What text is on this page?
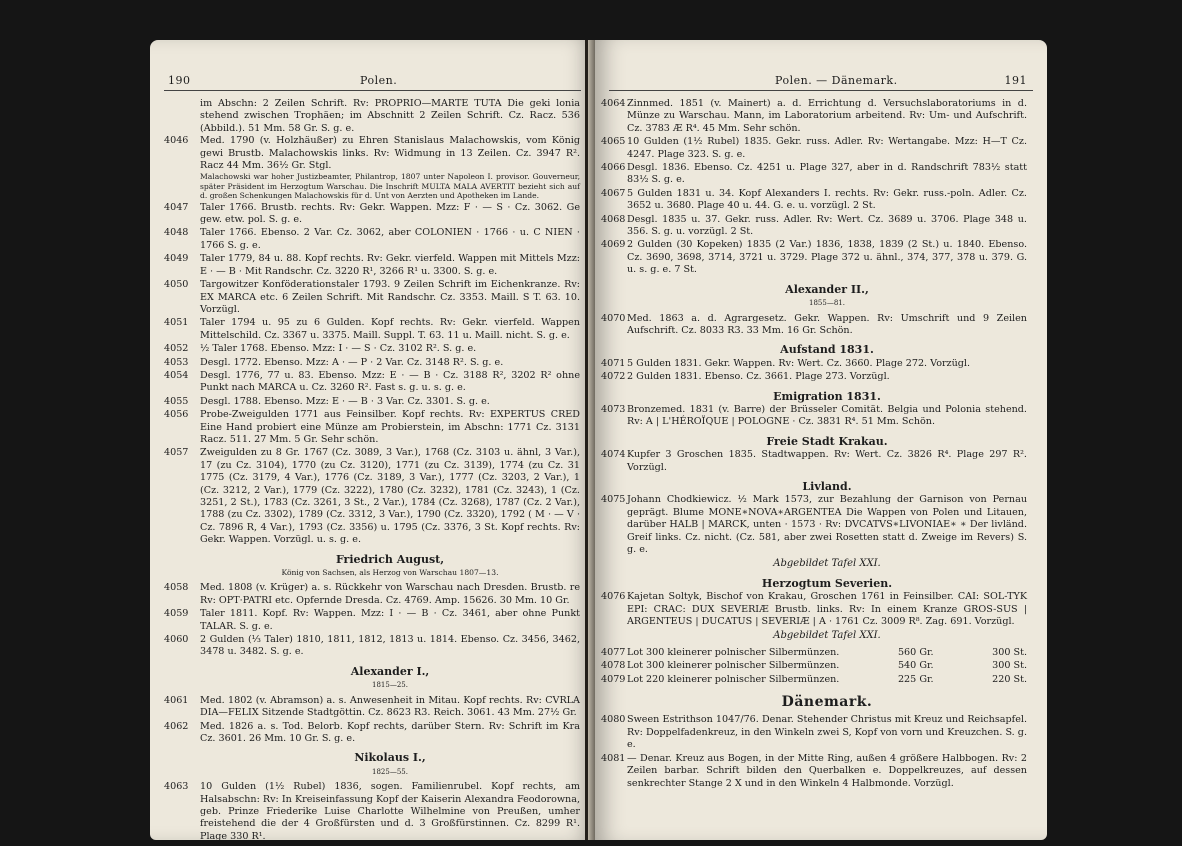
190	Polen.
im Abschn: 2 Zeilen Schrift. Rv: PROPRIO—MARTE TUTA Die geki lonia stehend zwischen Trophäen; im Abschnitt 2 Zeilen Schrift. Cz. Racz. 536 (Abbild.). 51 Mm. 58 Gr. S. g. e.
4046 Med. 1790 (v. Holzhäußer) zu Ehren Stanislaus Malachowskis, vom König gewi Brustb. Malachowskis links. Rv: Widmung in 13 Zeilen. Cz. 3947 R². Racz 44 Mm. 36½ Gr. Stgl.
Malachowski war hoher Justizbeamter, Philantrop, 1807 unter Napoleon I. provisor. Gouverneur, später Präsident im Herzogtum Warschau. Die Inschrift MULTA MALA AVERTIT bezieht sich auf d. großen Schenkungen Malachowskis für d. Unt von Aerzten und Apotheken im Lande.
4047 Taler 1766. Brustb. rechts. Rv: Gekr. Wappen. Mzz: F · — S · Cz. 3062. Ge gew. etw. pol. S. g. e.
4048 Taler 1766. Ebenso. 2 Var. Cz. 3062, aber COLONIEN · 1766 · u. C NIEN · 1766 S. g. e.
4049 Taler 1779, 84 u. 88. Kopf rechts. Rv: Gekr. vierfeld. Wappen mit Mittels Mzz: E · — B · Mit Randschr. Cz. 3220 R¹, 3266 R¹ u. 3300. S. g. e.
4050 Targowitzer Konföderationstaler 1793. 9 Zeilen Schrift im Eichenkranze. Rv: EX MARCA etc. 6 Zeilen Schrift. Mit Randschr. Cz. 3353. Maill. S T. 63. 10. Vorzügl.
4051 Taler 1794 u. 95 zu 6 Gulden. Kopf rechts. Rv: Gekr. vierfeld. Wappen Mittelschild. Cz. 3367 u. 3375. Maill. Suppl. T. 63. 11 u. Maill. nicht. S. g. e.
4052 ½ Taler 1768. Ebenso. Mzz: I · — S · Cz. 3102 R². S. g. e.
4053 Desgl. 1772. Ebenso. Mzz: A · — P · 2 Var. Cz. 3148 R². S. g. e.
4054 Desgl. 1776, 77 u. 83. Ebenso. Mzz: E · — B · Cz. 3188 R², 3202 R² ohne Punkt nach MARCA u. Cz. 3260 R². Fast s. g. u. s. g. e.
4055 Desgl. 1788. Ebenso. Mzz: E · — B · 3 Var. Cz. 3301. S. g. e.
4056 Probe-Zweigulden 1771 aus Feinsilber. Kopf rechts. Rv: EXPERTUS CRED Eine Hand probiert eine Münze am Probierstein, im Abschn: 1771 Cz. 3131 Racz. 511. 27 Mm. 5 Gr. Sehr schön.
4057 Zweigulden zu 8 Gr. 1767 (Cz. 3089, 3 Var.), 1768 (Cz. 3103 u. ähnl, 3 Var.), 17 (zu Cz. 3104), 1770 (zu Cz. 3120), 1771 (zu Cz. 3139), 1774 (zu Cz. 31 1775 (Cz. 3179, 4 Var.), 1776 (Cz. 3189, 3 Var.), 1777 (Cz. 3203, 2 Var.), 1 (Cz. 3212, 2 Var.), 1779 (Cz. 3222), 1780 (Cz. 3232), 1781 (Cz. 3243), 1 (Cz. 3251, 2 St.), 1783 (Cz. 3261, 3 St., 2 Var.), 1784 (Cz. 3268), 1787 (Cz. 2 Var.), 1788 (zu Cz. 3302), 1789 (Cz. 3312, 3 Var.), 1790 (Cz. 3320), 1792 ( M · — V · Cz. 7896 R, 4 Var.), 1793 (Cz. 3356) u. 1795 (Cz. 3376, 3 St. Kopf rechts. Rv: Gekr. Wappen. Vorzügl. u. s. g. e.
Friedrich August,
König von Sachsen, als Herzog von Warschau 1807—13.
4058 Med. 1808 (v. Krüger) a. s. Rückkehr von Warschau nach Dresden. Brustb. re Rv: OPT·PATRI etc. Opfernde Dresda. Cz. 4769. Amp. 15626. 30 Mm. 10 Gr.
4059 Taler 1811. Kopf. Rv: Wappen. Mzz: I · — B · Cz. 3461, aber ohne Punkt TALAR. S. g. e.
4060 2 Gulden (⅓ Taler) 1810, 1811, 1812, 1813 u. 1814. Ebenso. Cz. 3456, 3462, 3478 u. 3482. S. g. e.
Alexander I.,
1815—25.
4061 Med. 1802 (v. Abramson) a. s. Anwesenheit in Mitau. Kopf rechts. Rv: CVRLA DIA—FELIX Sitzende Stadtgöttin. Cz. 8623 R3. Reich. 3061. 43 Mm. 27½ Gr.
4062 Med. 1826 a. s. Tod. Belorb. Kopf rechts, darüber Stern. Rv: Schrift im Kra Cz. 3601. 26 Mm. 10 Gr. S. g. e.
Nikolaus I.,
1825—55.
4063 10 Gulden (1½ Rubel) 1836, sogen. Familienrubel. Kopf rechts, am Halsabschn: Rv: In Kreiseinfassung Kopf der Kaiserin Alexandra Feodorowna, geb. Prinze Friederike Luise Charlotte Wilhelmine von Preußen, umher freistehend die der 4 Großfürsten und d. 3 Großfürstinnen. Cz. 8299 R¹. Plage 330 R¹.
Polen. — Dänemark.	191
4064 Zinnmed. 1851 (v. Mainert) a. d. Errichtung d. Versuchslaboratoriums in d. Münze zu Warschau. Mann, im Laboratorium arbeitend. Rv: Um- und Aufschrift. Cz. 3783 Æ R⁴. 45 Mm. Sehr schön.
4065 10 Gulden (1½ Rubel) 1835. Gekr. russ. Adler. Rv: Wertangabe. Mzz: H—T Cz. 4247. Plage 323. S. g. e.
4066 Desgl. 1836. Ebenso. Cz. 4251 u. Plage 327, aber in d. Randschrift 783½ statt 83½ S. g. e.
4067 5 Gulden 1831 u. 34. Kopf Alexanders I. rechts. Rv: Gekr. russ.-poln. Adler. Cz. 3652 u. 3680. Plage 40 u. 44. G. e. u. vorzügl. 2 St.
4068 Desgl. 1835 u. 37. Gekr. russ. Adler. Rv: Wert. Cz. 3689 u. 3706. Plage 348 u. 356. S. g. u. vorzügl. 2 St.
4069 2 Gulden (30 Kopeken) 1835 (2 Var.) 1836, 1838, 1839 (2 St.) u. 1840. Ebenso. Cz. 3690, 3698, 3714, 3721 u. 3729. Plage 372 u. ähnl., 374, 377, 378 u. 379. G. u. s. g. e. 7 St.
Alexander II.,
1855—81.
4070 Med. 1863 a. d. Agrargesetz. Gekr. Wappen. Rv: Umschrift und 9 Zeilen Aufschrift. Cz. 8033 R3. 33 Mm. 16 Gr. Schön.
Aufstand 1831.
4071 5 Gulden 1831. Gekr. Wappen. Rv: Wert. Cz. 3660. Plage 272. Vorzügl.
4072 2 Gulden 1831. Ebenso. Cz. 3661. Plage 273. Vorzügl.
Emigration 1831.
4073 Bronzemed. 1831 (v. Barre) der Brüsseler Comität. Belgia und Polonia stehend. Rv: A | L'HÉROÏQUE | POLOGNE · Cz. 3831 R⁴. 51 Mm. Schön.
Freie Stadt Krakau.
4074 Kupfer 3 Groschen 1835. Stadtwappen. Rv: Wert. Cz. 3826 R⁴. Plage 297 R². Vorzügl.
Livland.
4075 Johann Chodkiewicz. ½ Mark 1573, zur Bezahlung der Garnison von Pernau geprägt. Blume MONE∗NOVA∗ARGENTEA Die Wappen von Polen und Litauen, darüber HALB | MARCK, unten · 1573 · Rv: DVCATVS∗LIVONIAE∗ ∗ Der livländ. Greif links. Cz. nicht. (Cz. 581, aber zwei Rosetten statt d. Zweige im Revers) S. g. e.
Abgebildet Tafel XXI.
Herzogtum Severien.
4076 Kajetan Soltyk, Bischof von Krakau, Groschen 1761 in Feinsilber. CAI: SOL-TYK EPI: CRAC: DUX SEVERIÆ Brustb. links. Rv: In einem Kranze GROS-SUS | ARGENTEUS | DUCATUS | SEVERIÆ | A · 1761 Cz. 3009 R⁸. Zag. 691. Vorzügl.
Abgebildet Tafel XXI.
4077 Lot 300 kleinerer polnischer Silbermünzen.	560 Gr.	300 St.
4078 Lot 300 kleinerer polnischer Silbermünzen.	540 Gr.	300 St.
4079 Lot 220 kleinerer polnischer Silbermünzen.	225 Gr.	220 St.
Dänemark.
4080 Sween Estrithson 1047/76. Denar. Stehender Christus mit Kreuz und Reichsapfel. Rv: Doppelfadenkreuz, in den Winkeln zwei S, Kopf von vorn und Kreuzchen. S. g. e.
4081 — Denar. Kreuz aus Bogen, in der Mitte Ring, außen 4 größere Halbbogen. Rv: 2 Zeilen barbar. Schrift bilden den Querbalken e. Doppelkreuzes, auf dessen senkrechter Stange 2 X und in den Winkeln 4 Halbmonde. Vorzügl.
